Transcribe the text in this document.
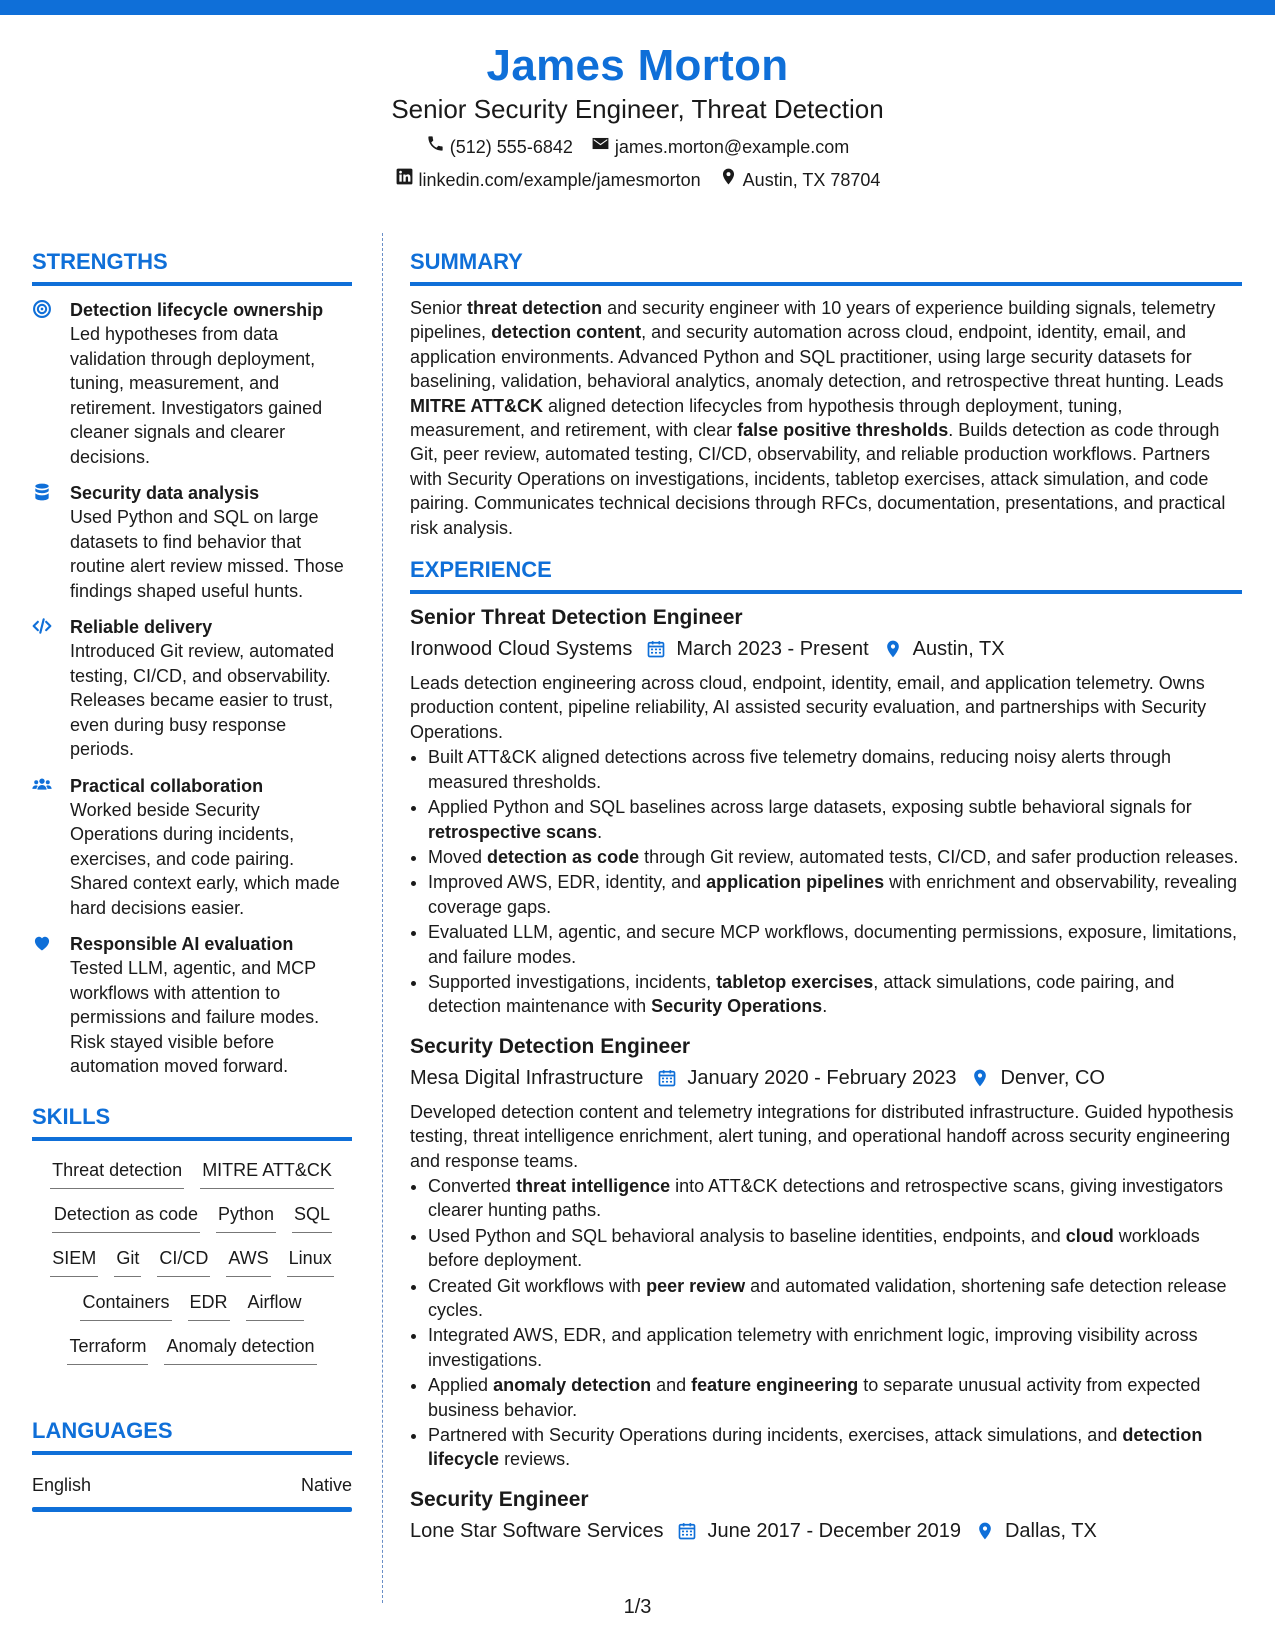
James Morton
Senior Security Engineer, Threat Detection
(512) 555-6842 james.morton@example.com
linkedin.com/example/jamesmorton Austin, TX 78704
STRENGTHS
Detection lifecycle ownership
Led hypotheses from data validation through deployment, tuning, measurement, and retirement. Investigators gained cleaner signals and clearer decisions.
Security data analysis
Used Python and SQL on large datasets to find behavior that routine alert review missed. Those findings shaped useful hunts.
Reliable delivery
Introduced Git review, automated testing, CI/CD, and observability. Releases became easier to trust, even during busy response periods.
Practical collaboration
Worked beside Security Operations during incidents, exercises, and code pairing. Shared context early, which made hard decisions easier.
Responsible AI evaluation
Tested LLM, agentic, and MCP workflows with attention to permissions and failure modes. Risk stayed visible before automation moved forward.
SKILLS
Threat detection MITRE ATT&CK
Detection as code Python SQL
SIEM Git CI/CD AWS Linux
Containers EDR Airflow
Terraform Anomaly detection
LANGUAGES
English	Native
SUMMARY
Senior threat detection and security engineer with 10 years of experience building signals, telemetry pipelines, detection content, and security automation across cloud, endpoint, identity, email, and application environments. Advanced Python and SQL practitioner, using large security datasets for baselining, validation, behavioral analytics, anomaly detection, and retrospective threat hunting. Leads MITRE ATT&CK aligned detection lifecycles from hypothesis through deployment, tuning, measurement, and retirement, with clear false positive thresholds. Builds detection as code through Git, peer review, automated testing, CI/CD, observability, and reliable production workflows. Partners with Security Operations on investigations, incidents, tabletop exercises, attack simulation, and code pairing. Communicates technical decisions through RFCs, documentation, presentations, and practical risk analysis.
EXPERIENCE
Senior Threat Detection Engineer
Ironwood Cloud Systems March 2023 - Present Austin, TX
Leads detection engineering across cloud, endpoint, identity, email, and application telemetry. Owns production content, pipeline reliability, AI assisted security evaluation, and partnerships with Security Operations.
• Built ATT&CK aligned detections across five telemetry domains, reducing noisy alerts through measured thresholds.
• Applied Python and SQL baselines across large datasets, exposing subtle behavioral signals for retrospective scans.
• Moved detection as code through Git review, automated tests, CI/CD, and safer production releases.
• Improved AWS, EDR, identity, and application pipelines with enrichment and observability, revealing coverage gaps.
• Evaluated LLM, agentic, and secure MCP workflows, documenting permissions, exposure, limitations, and failure modes.
• Supported investigations, incidents, tabletop exercises, attack simulations, code pairing, and detection maintenance with Security Operations.
Security Detection Engineer
Mesa Digital Infrastructure January 2020 - February 2023 Denver, CO
Developed detection content and telemetry integrations for distributed infrastructure. Guided hypothesis testing, threat intelligence enrichment, alert tuning, and operational handoff across security engineering and response teams.
• Converted threat intelligence into ATT&CK detections and retrospective scans, giving investigators clearer hunting paths.
• Used Python and SQL behavioral analysis to baseline identities, endpoints, and cloud workloads before deployment.
• Created Git workflows with peer review and automated validation, shortening safe detection release cycles.
• Integrated AWS, EDR, and application telemetry with enrichment logic, improving visibility across investigations.
• Applied anomaly detection and feature engineering to separate unusual activity from expected business behavior.
• Partnered with Security Operations during incidents, exercises, attack simulations, and detection lifecycle reviews.
Security Engineer
Lone Star Software Services June 2017 - December 2019 Dallas, TX
1/3
